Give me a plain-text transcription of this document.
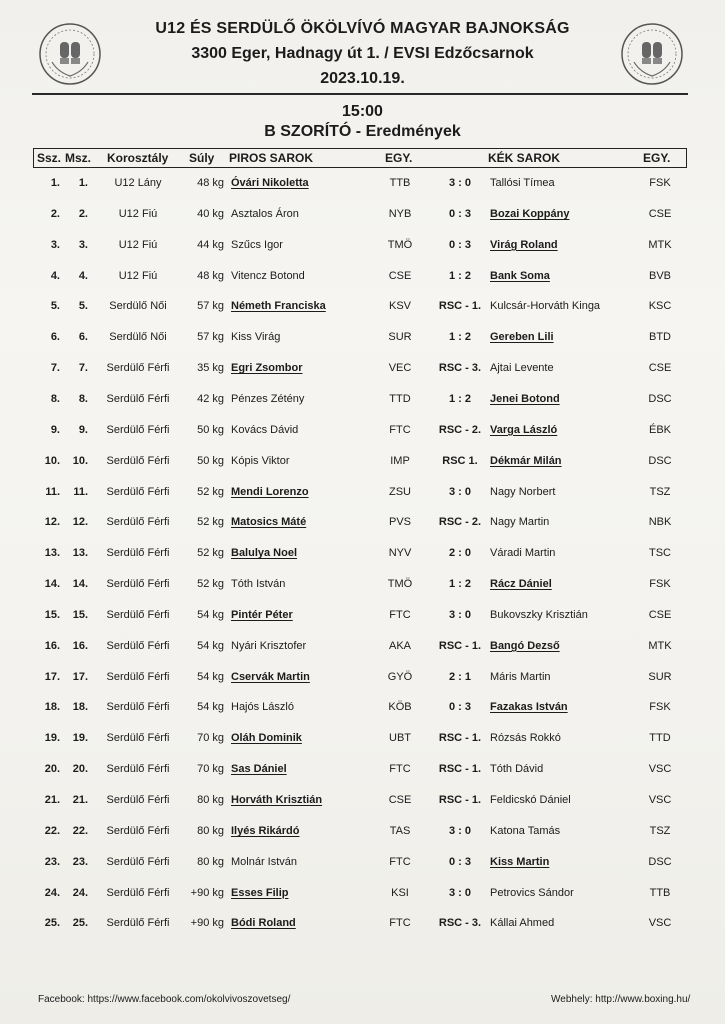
U12 ÉS SERDÜLŐ ÖKÖLVÍVÓ MAGYAR BAJNOKSÁG
3300 Eger, Hadnagy út 1. / EVSI Edzőcsarnok
2023.10.19.
15:00
B SZORÍTÓ - Eredmények
Ssz. Msz. Korosztály Súly PIROS SAROK	EGY.	KÉK SAROK	EGY.
1.	1.	U12 Lány	48 kg Óvári Nikoletta	TTB	3 : 0	Tallósi Tímea	FSK
2.	2.	U12 Fiú	40 kg Asztalos Áron	NYB	0 : 3	Bozai Koppány	CSE
3.	3.	U12 Fiú	44 kg Szűcs Igor	TMÖ	0 : 3	Virág Roland	MTK
4.	4.	U12 Fiú	48 kg Vitencz Botond	CSE	1 : 2	Bank Soma	BVB
5.	5.	Serdülő Női	57 kg Németh Franciska	KSV	RSC - 1. Kulcsár-Horváth Kinga	KSC
6.	6.	Serdülő Női	57 kg Kiss Virág	SUR	1 : 2	Gereben Lili	BTD
7.	7.	Serdülő Férfi	35 kg Egri Zsombor	VEC	RSC - 3. Ajtai Levente	CSE
8.	8.	Serdülő Férfi	42 kg Pénzes Zétény	TTD	1 : 2	Jenei Botond	DSC
9.	9.	Serdülő Férfi	50 kg Kovács Dávid	FTC	RSC - 2. Varga László	ÉBK
10.	10.	Serdülő Férfi	50 kg Kópis Viktor	IMP	RSC 1.	Dékmár Milán	DSC
11.	11.	Serdülő Férfi	52 kg Mendi Lorenzo	ZSU	3 : 0	Nagy Norbert	TSZ
12.	12.	Serdülő Férfi	52 kg Matosics Máté	PVS	RSC - 2. Nagy Martin	NBK
13.	13.	Serdülő Férfi	52 kg Balulya Noel	NYV	2 : 0	Váradi Martin	TSC
14.	14.	Serdülő Férfi	52 kg Tóth István	TMÖ	1 : 2	Rácz Dániel	FSK
15.	15.	Serdülő Férfi	54 kg Pintér Péter	FTC	3 : 0	Bukovszky Krisztián	CSE
16.	16.	Serdülő Férfi	54 kg Nyári Krisztofer	AKA	RSC - 1. Bangó Dezső	MTK
17.	17.	Serdülő Férfi	54 kg Cservák Martin	GYÖ	2 : 1	Máris Martin	SUR
18.	18.	Serdülő Férfi	54 kg Hajós László	KÖB	0 : 3	Fazakas István	FSK
19.	19.	Serdülő Férfi	70 kg Oláh Dominik	UBT	RSC - 1. Rózsás Rokkó	TTD
20.	20.	Serdülő Férfi	70 kg Sas Dániel	FTC	RSC - 1. Tóth Dávid	VSC
21.	21.	Serdülő Férfi	80 kg Horváth Krisztián	CSE	RSC - 1. Feldicskó Dániel	VSC
22.	22.	Serdülő Férfi	80 kg Ilyés Rikárdó	TAS	3 : 0	Katona Tamás	TSZ
23.	23.	Serdülő Férfi	80 kg Molnár István	FTC	0 : 3	Kiss Martin	DSC
24.	24.	Serdülő Férfi	+90 kg Esses Filip	KSI	3 : 0	Petrovics Sándor	TTB
25.	25.	Serdülő Férfi	+90 kg Bódi Roland	FTC	RSC - 3. Kállai Ahmed	VSC
Facebook: https://www.facebook.com/okolvivoszovetseg/	Webhely: http://www.boxing.hu/
